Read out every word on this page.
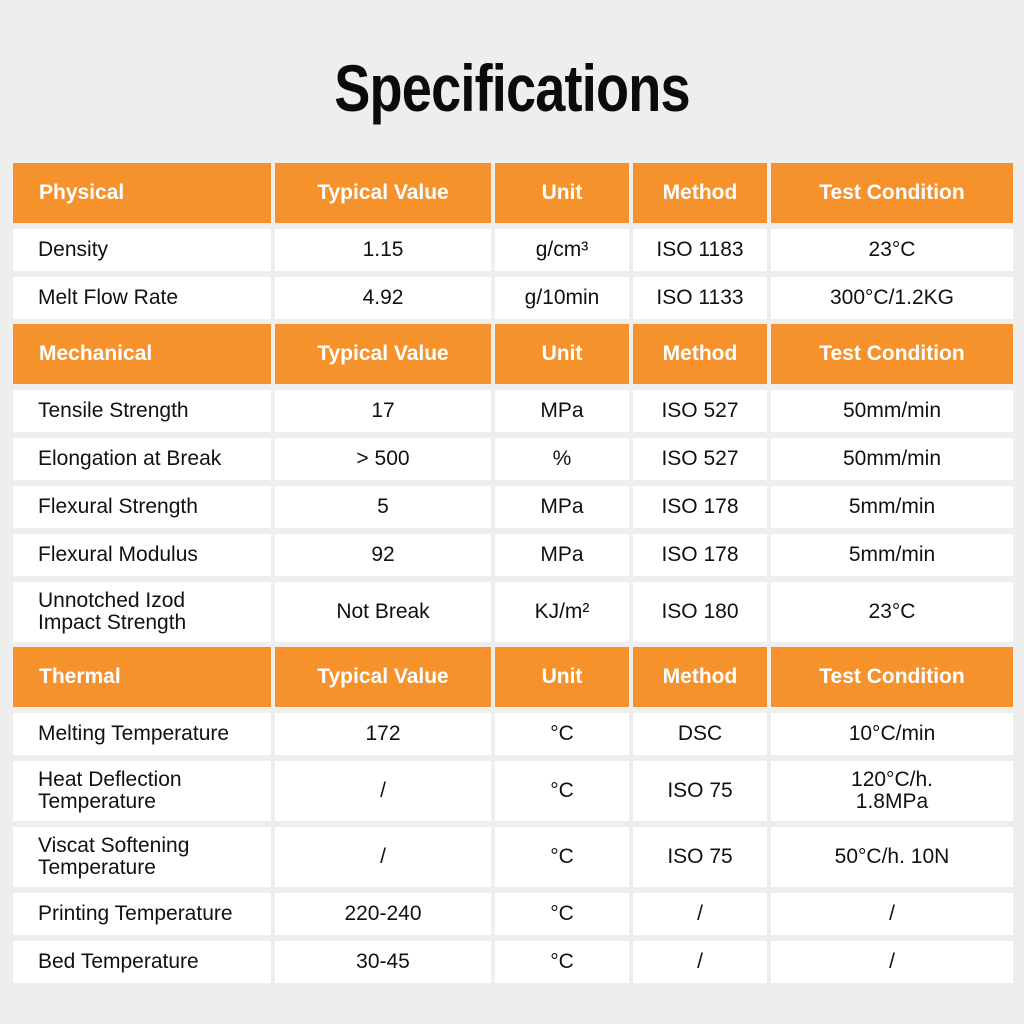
Specifications
Physical	Typical Value	Unit	Method	Test Condition
Density	1.15	g/cm³	ISO 1183	23°C
Melt Flow Rate	4.92	g/10min	ISO 1133	300°C/1.2KG
Mechanical	Typical Value	Unit	Method	Test Condition
Tensile Strength	17	MPa	ISO 527	50mm/min
Elongation at Break	> 500	%	ISO 527	50mm/min
Flexural Strength	5	MPa	ISO 178	5mm/min
Flexural Modulus	92	MPa	ISO 178	5mm/min
Unnotched Izod
Impact Strength	Not Break	KJ/m²	ISO 180	23°C
Thermal	Typical Value	Unit	Method	Test Condition
Melting Temperature	172	°C	DSC	10°C/min
Heat Deflection
Temperature	/	°C	ISO 75	120°C/h.
1.8MPa
Viscat Softening
Temperature	/	°C	ISO 75	50°C/h. 10N
Printing Temperature	220-240	°C	/	/
Bed Temperature	30-45	°C	/	/
